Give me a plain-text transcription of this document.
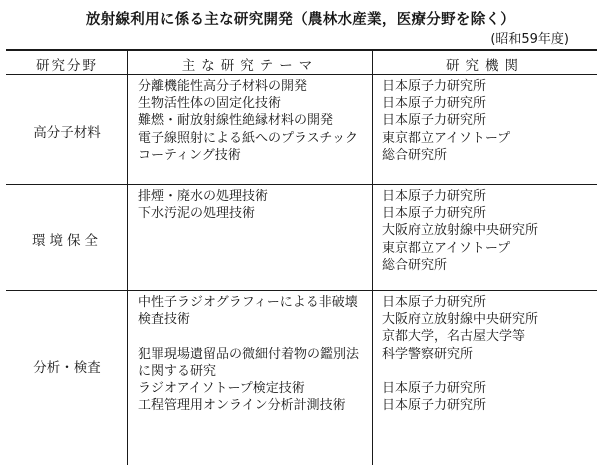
放射線利用に係る主な研究開発（農林水産業，医療分野を除く）
(昭和59年度)
研究分野	主な研究テーマ	研究機関
高分子材料
分離機能性高分子材料の開発
生物活性体の固定化技術
難燃・耐放射線性絶縁材料の開発
電子線照射による紙へのプラスチック
コーティング技術
日本原子力研究所
日本原子力研究所
日本原子力研究所
東京都立アイソトープ
総合研究所
環境保全
排煙・廃水の処理技術
下水汚泥の処理技術
日本原子力研究所
日本原子力研究所
大阪府立放射線中央研究所
東京都立アイソトープ
総合研究所
分析・検査
中性子ラジオグラフィーによる非破壊
検査技術
犯罪現場遺留品の微細付着物の鑑別法
に関する研究
ラジオアイソトープ検定技術
工程管理用オンライン分析計測技術
日本原子力研究所
大阪府立放射線中央研究所
京都大学，名古屋大学等
科学警察研究所
日本原子力研究所
日本原子力研究所
